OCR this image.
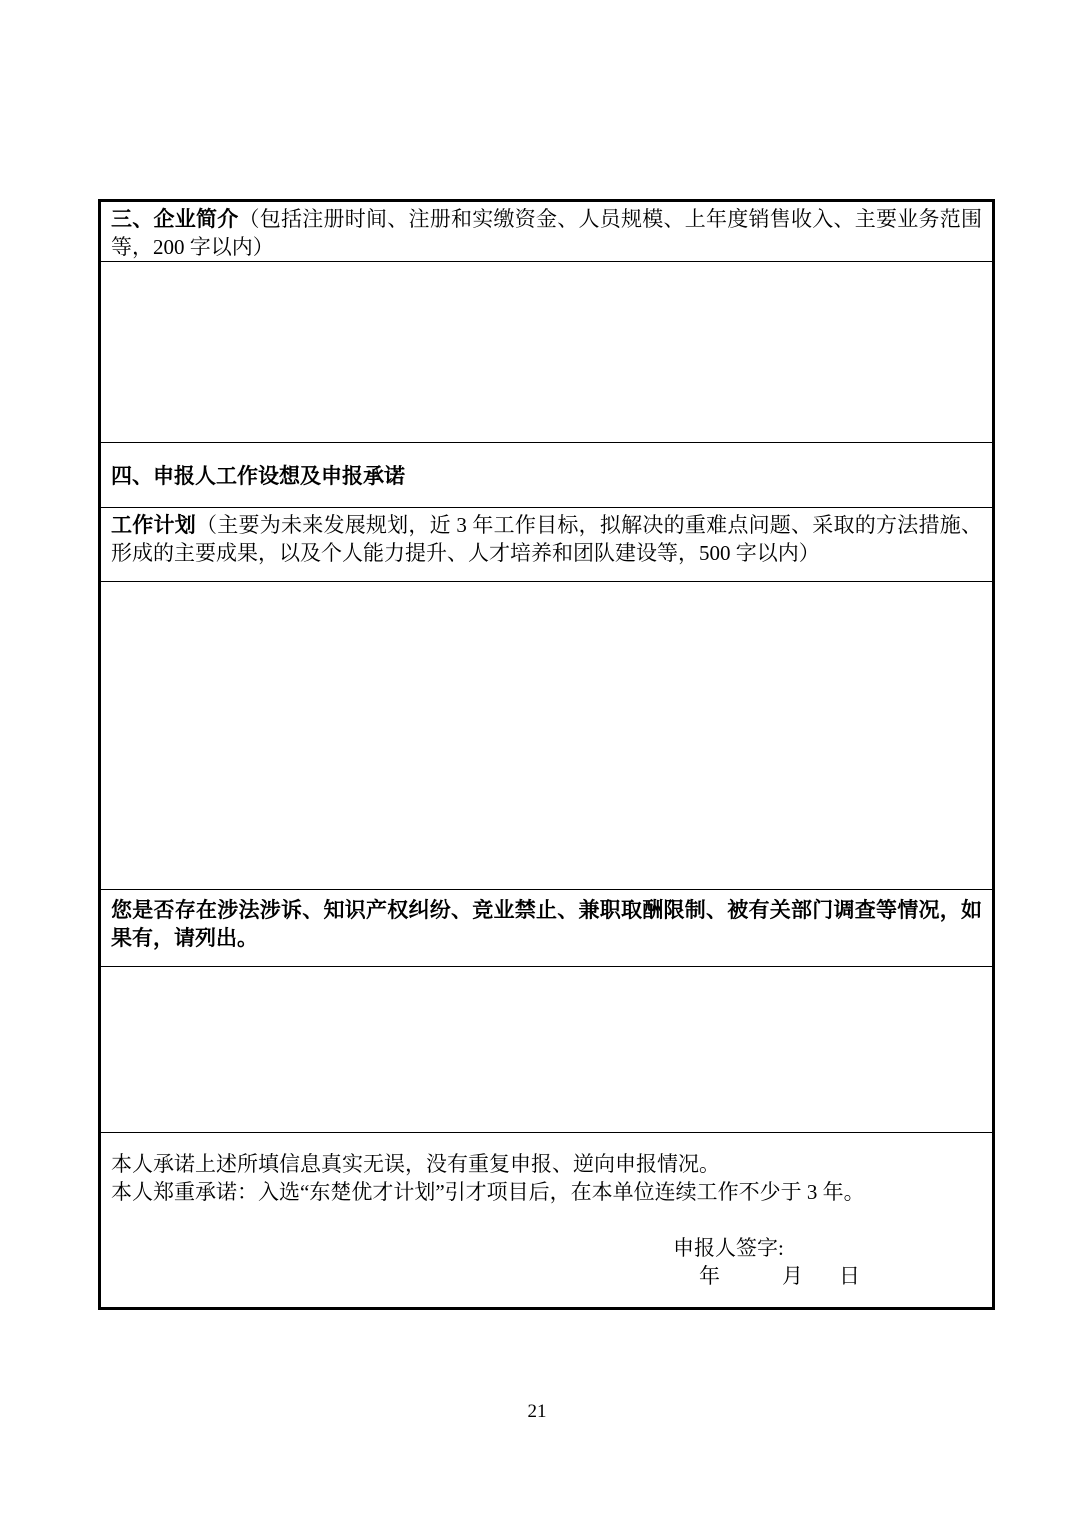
三、企业简介（包括注册时间、注册和实缴资金、人员规模、上年度销售收入、主要业务范围等，200 字以内）

四、申报人工作设想及申报承诺

工作计划（主要为未来发展规划，近 3 年工作目标，拟解决的重难点问题、采取的方法措施、形成的主要成果，以及个人能力提升、人才培养和团队建设等，500 字以内）

您是否存在涉法涉诉、知识产权纠纷、竞业禁止、兼职取酬限制、被有关部门调查等情况，如果有，请列出。

本人承诺上述所填信息真实无误，没有重复申报、逆向申报情况。

本人郑重承诺：入选“东楚优才计划”引才项目后，在本单位连续工作不少于 3 年。

申报人签字:

年	月 日

21
